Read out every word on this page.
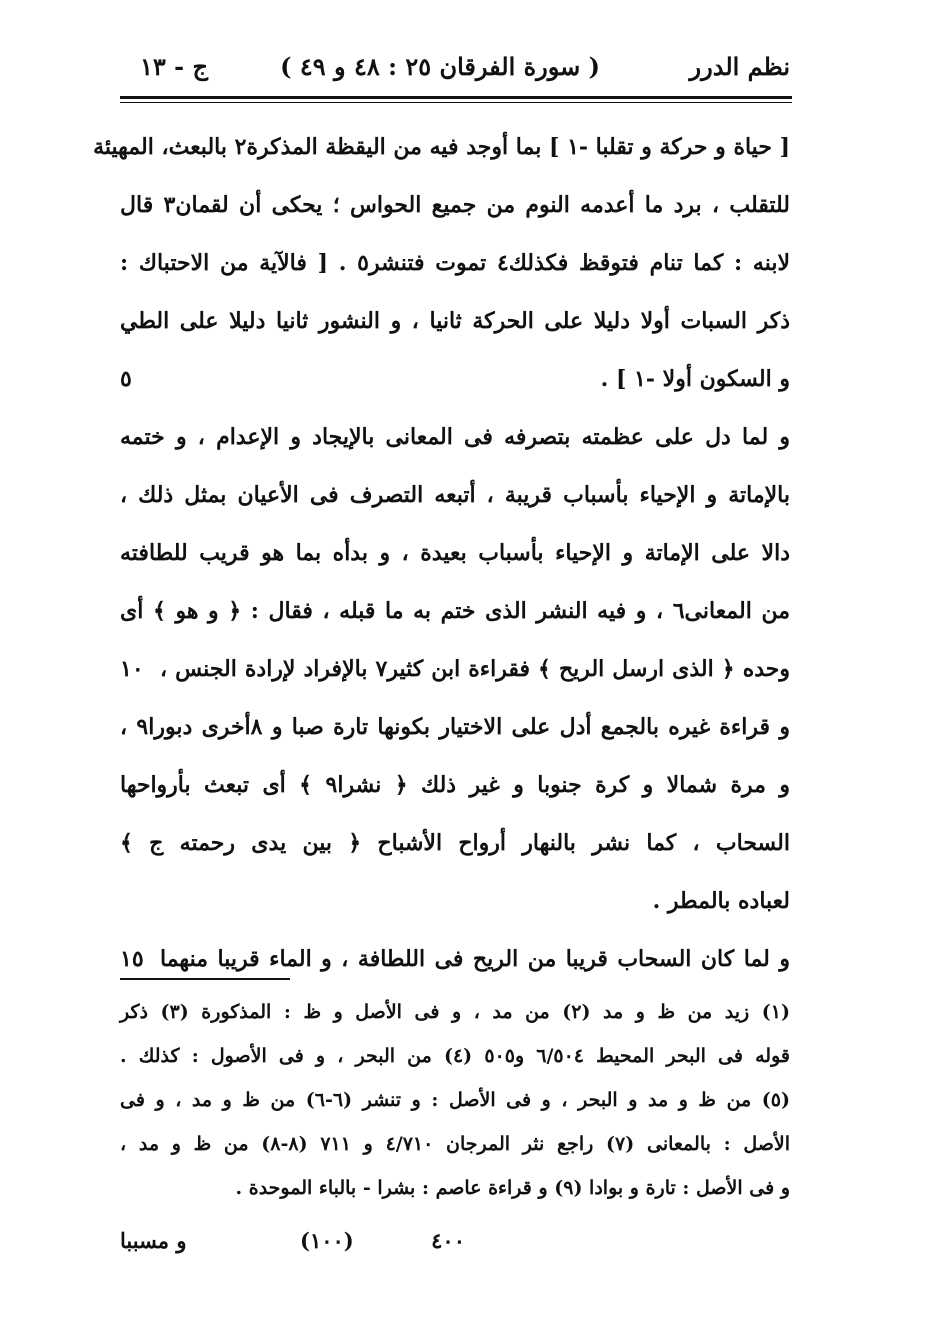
نظم الدرر
( سورة الفرقان ٢٥ : ٤٨ و ٤٩ )
ج - ١٣
[ حياة و حركة و تقلبا -١ ] بما أوجد فيه من اليقظة المذكرة٢ بالبعث، المهيئة
للتقلب ، برد ما أعدمه النوم من جميع الحواس ؛ يحكى أن لقمان٣ قال
لابنه : كما تنام فتوقظ فكذلك٤ تموت فتنشر٥ . [ فالآية من الاحتباك :
ذكر السبات أولا دليلا على الحركة ثانيا ، و النشور ثانيا دليلا على الطي
و السكون أولا -١ ] .
٥
و لما دل على عظمته بتصرفه فى المعانى بالإيجاد و الإعدام ، و ختمه
بالإماتة و الإحياء بأسباب قريبة ، أتبعه التصرف فى الأعيان بمثل ذلك ،
دالا على الإماتة و الإحياء بأسباب بعيدة ، و بدأه بما هو قريب للطافته
من المعانى٦ ، و فيه النشر الذى ختم به ما قبله ، فقال : ﴿ و هو ﴾ أى
وحده ﴿ الذى ارسل الريح ﴾ فقراءة ابن كثير٧ بالإفراد لإرادة الجنس ،
١٠
و قراءة غيره بالجمع أدل على الاختيار بكونها تارة صبا و ٨أخرى دبورا٩ ،
و مرة شمالا و كرة جنوبا و غير ذلك ﴿ نشرا٩ ﴾ أى تبعث بأرواحها
السحاب ، كما نشر بالنهار أرواح الأشباح ﴿ بين يدى رحمته ج ﴾
لعباده بالمطر .
و لما كان السحاب قريبا من الريح فى اللطافة ، و الماء قريبا منهما
١٥
(١) زيد من ظ و مد (٢) من مد ، و فى الأصل و ظ : المذكورة (٣) ذكر
قوله فى البحر المحيط ٦/٥٠٤ و٥٠٥ (٤) من البحر ، و فى الأصول : كذلك .
(٥) من ظ و مد و البحر ، و فى الأصل : و تنشر (٦-٦) من ظ و مد ، و فى
الأصل : بالمعانى (٧) راجع نثر المرجان ٤/٧١٠ و ٧١١ (٨-٨) من ظ و مد ،
و فى الأصل : تارة و بوادا (٩) و قراءة عاصم : بشرا - بالباء الموحدة .
٤٠٠
(١٠٠)
و مسببا
